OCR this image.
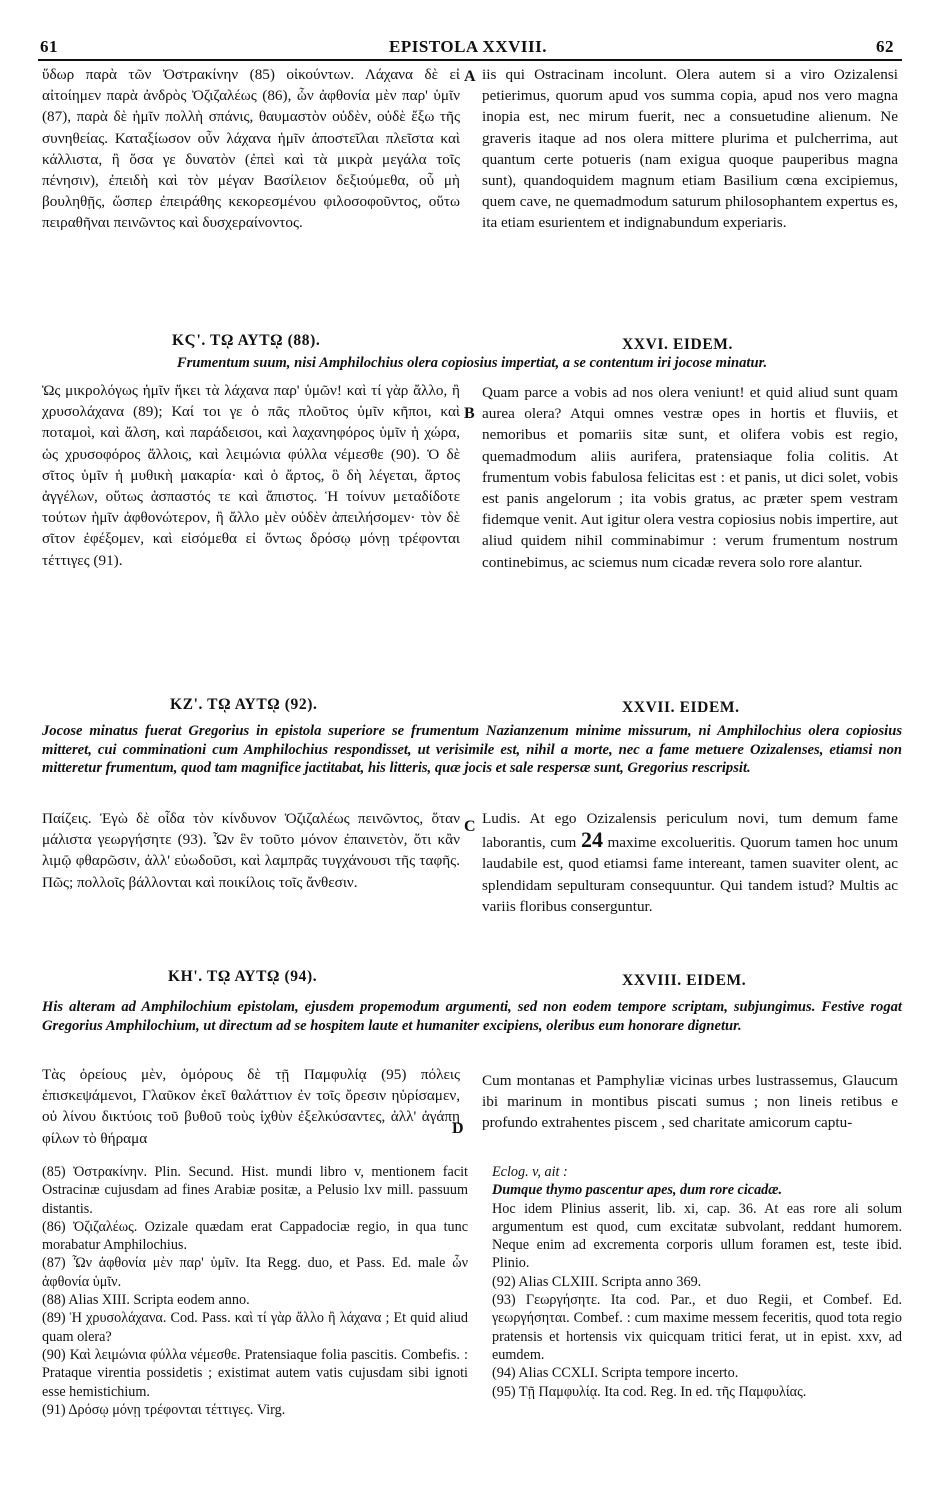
61	EPISTOLA XXVIII.	62

ὕδωρ παρὰ τῶν Ὀστρακίνην (85) οἰκούντων. Λάχανα δὲ εἰ αἰτοίημεν παρὰ ἀνδρὸς Ὀζιζαλέως (86), ὧν ἀφθονία μὲν παρ' ὑμῖν (87), παρὰ δὲ ἡμῖν πολλὴ σπάνις, θαυμαστὸν οὐδὲν, οὐδὲ ἔξω τῆς συνηθείας. Καταξίωσον οὖν λάχανα ἡμῖν ἀποστεῖλαι πλεῖστα καὶ κάλλιστα, ἢ ὅσα γε δυνατὸν (ἐπεὶ καὶ τὰ μικρὰ μεγάλα τοῖς πένησιν), ἐπειδὴ καὶ τὸν μέγαν Βασίλειον δεξιούμεθα, οὗ μὴ βουληθῇς, ὥσπερ ἐπειράθης κεκορεσμένου φιλοσοφοῦντος, οὕτω πειραθῆναι πεινῶντος καὶ δυσχεραίνοντος.

A iis qui Ostracinam incolunt. Olera autem si a viro Ozizalensi petierimus, quorum apud vos summa copia, apud nos vero magna inopia est, nec mirum fuerit, nec a consuetudine alienum. Ne graveris itaque ad nos olera mittere plurima et pulcherrima, aut quantum certe potueris (nam exigua quoque pauperibus magna sunt), quandoquidem magnum etiam Basilium cœna excipiemus, quem cave, ne quemadmodum saturum philosophantem expertus es, ita etiam esurientem et indignabundum experiaris.

ΚϚ'. Τῼ ΑΥΤῼ (88).	XXVI. EIDEM.
Frumentum suum, nisi Amphilochius olera copiosius impertiat, a se contentum iri jocose minatur.

Ὡς μικρολόγως ἡμῖν ἥκει τὰ λάχανα παρ' ὑμῶν! καὶ τί γὰρ ἄλλο, ἢ χρυσολάχανα (89); Καί τοι γε ὁ πᾶς πλοῦτος ὑμῖν κῆποι, καὶ ποταμοὶ, καὶ ἄλση, καὶ παράδεισοι, καὶ λαχανηφόρος ὑμῖν ἡ χώρα, ὡς χρυσοφόρος ἄλλοις, καὶ λειμώνια φύλλα νέμεσθε (90). Ὁ δὲ σῖτος ὑμῖν ἡ μυθικὴ μακαρία· καὶ ὁ ἄρτος, ὃ δὴ λέγεται, ἄρτος ἀγγέλων, οὕτως ἀσπαστός τε καὶ ἄπιστος. Ἡ τοίνυν μεταδίδοτε τούτων ἡμῖν ἀφθονώτερον, ἢ ἄλλο μὲν οὐδὲν ἀπειλήσομεν· τὸν δὲ σῖτον ἐφέξομεν, καὶ εἰσόμεθα εἰ ὄντως δρόσῳ μόνῃ τρέφονται τέττιγες (91).

B

Quam parce a vobis ad nos olera veniunt! et quid aliud sunt quam aurea olera? Atqui omnes vestræ opes in hortis et fluviis, et nemoribus et pomariis sitæ sunt, et olifera vobis est regio, quemadmodum aliis aurifera, pratensiaque folia colitis. At frumentum vobis fabulosa felicitas est : et panis, ut dici solet, vobis est panis angelorum ; ita vobis gratus, ac præter spem vestram fidemque venit. Aut igitur olera vestra copiosius nobis impertire, aut aliud quidem nihil comminabimur : verum frumentum nostrum continebimus, ac sciemus num cicadæ revera solo rore alantur.

ΚΖ'. Τῼ ΑΥΤῼ (92).	XXVII. EIDEM.
Jocose minatus fuerat Gregorius in epistola superiore se frumentum Nazianzenum minime missurum, ni Amphilochius olera copiosius mitteret, cui comminationi cum Amphilochius respondisset, ut verisimile est, nihil a morte, nec a fame metuere Ozizalenses, etiamsi non mitteretur frumentum, quod tam magnifice jactitabat, his litteris, quæ jocis et sale respersæ sunt, Gregorius rescripsit.

Παίζεις. Ἐγὼ δὲ οἶδα τὸν κίνδυνον Ὀζιζαλέως πεινῶντος, ὅταν μάλιστα γεωργήσητε (93). Ὧν ἓν τοῦτο μόνον ἐπαινετὸν, ὅτι κἂν λιμῷ φθαρῶσιν, ἀλλ' εὐωδοῦσι, καὶ λαμπρᾶς τυγχάνουσι τῆς ταφῆς. Πῶς; πολλοῖς βάλλονται καὶ ποικίλοις τοῖς ἄνθεσιν.

C Ludis. At ego Ozizalensis periculum novi, tum demum fame laborantis, cum 24 maxime excolueritis. Quorum tamen hoc unum laudabile est, quod etiamsi fame intereant, tamen suaviter olent, ac splendidam sepulturam consequuntur. Qui tandem istud? Multis ac variis floribus conserguntur.

ΚΗ'. Τῼ ΑΥΤῼ (94).	XXVIII. EIDEM.
His alteram ad Amphilochium epistolam, ejusdem propemodum argumenti, sed non eodem tempore scriptam, subjungimus. Festive rogat Gregorius Amphilochium, ut directum ad se hospitem laute et humaniter excipiens, oleribus eum honorare dignetur.

Τὰς ὀρείους μὲν, ὁμόρους δὲ τῇ Παμφυλίᾳ (95) πόλεις ἐπισκεψάμενοι, Γλαῦκον ἐκεῖ θαλάττιον ἐν τοῖς ὄρεσιν ηὑρίσαμεν, οὐ λίνου δικτύοις τοῦ βυθοῦ τοὺς ἰχθὺν ἐξελκύσαντες, ἀλλ' ἀγάπῃ φίλων τὸ θήραμα

D

Cum montanas et Pamphyliæ vicinas urbes lustrassemus, Glaucum ibi marinum in montibus piscati sumus ; non lineis retibus e profundo extrahentes piscem , sed charitate amicorum captu-

(85) Ὀστρακίνην. Plin. Secund. Hist. mundi libro v, mentionem facit Ostracinæ cujusdam ad fines Arabiæ positæ, a Pelusio lxv mill. passuum distantis.

(86) Ὀζιζαλέως. Ozizale quædam erat Cappadociæ regio, in qua tunc morabatur Amphilochius.

(87) Ὧν ἀφθονία μὲν παρ' ὑμῖν. Ita Regg. duo, et Pass. Ed. male ὧν ἀφθονία ὑμῖν.

(88) Alias XIII. Scripta eodem anno.

(89) Ἡ χρυσολάχανα. Cod. Pass. καὶ τί γὰρ ἄλλο ἢ λάχανα ; Et quid aliud quam olera?

(90) Καὶ λειμώνια φύλλα νέμεσθε. Pratensiaque folia pascitis. Combefis. : Prataque virentia possidetis ; existimat autem vatis cujusdam sibi ignoti esse hemistichium.

(91) Δρόσῳ μόνῃ τρέφονται τέττιγες. Virg.

Eclog. v, ait :

Dumque thymo pascentur apes, dum rore cicadæ.

Hoc idem Plinius asserit, lib. xi, cap. 36. At eas rore ali solum argumentum est quod, cum excitatæ subvolant, reddant humorem. Neque enim ad excrementa corporis ullum foramen est, teste ibid. Plinio.

(92) Alias CLXIII. Scripta anno 369.

(93) Γεωργήσητε. Ita cod. Par., et duo Regii, et Combef. Ed. γεωργήσηται. Combef. : cum maxime messem feceritis, quod tota regio pratensis et hortensis vix quicquam tritici ferat, ut in epist. xxv, ad eumdem.

(94) Alias CCXLI. Scripta tempore incerto.

(95) Τῇ Παμφυλίᾳ. Ita cod. Reg. In ed. τῆς Παμφυλίας.
